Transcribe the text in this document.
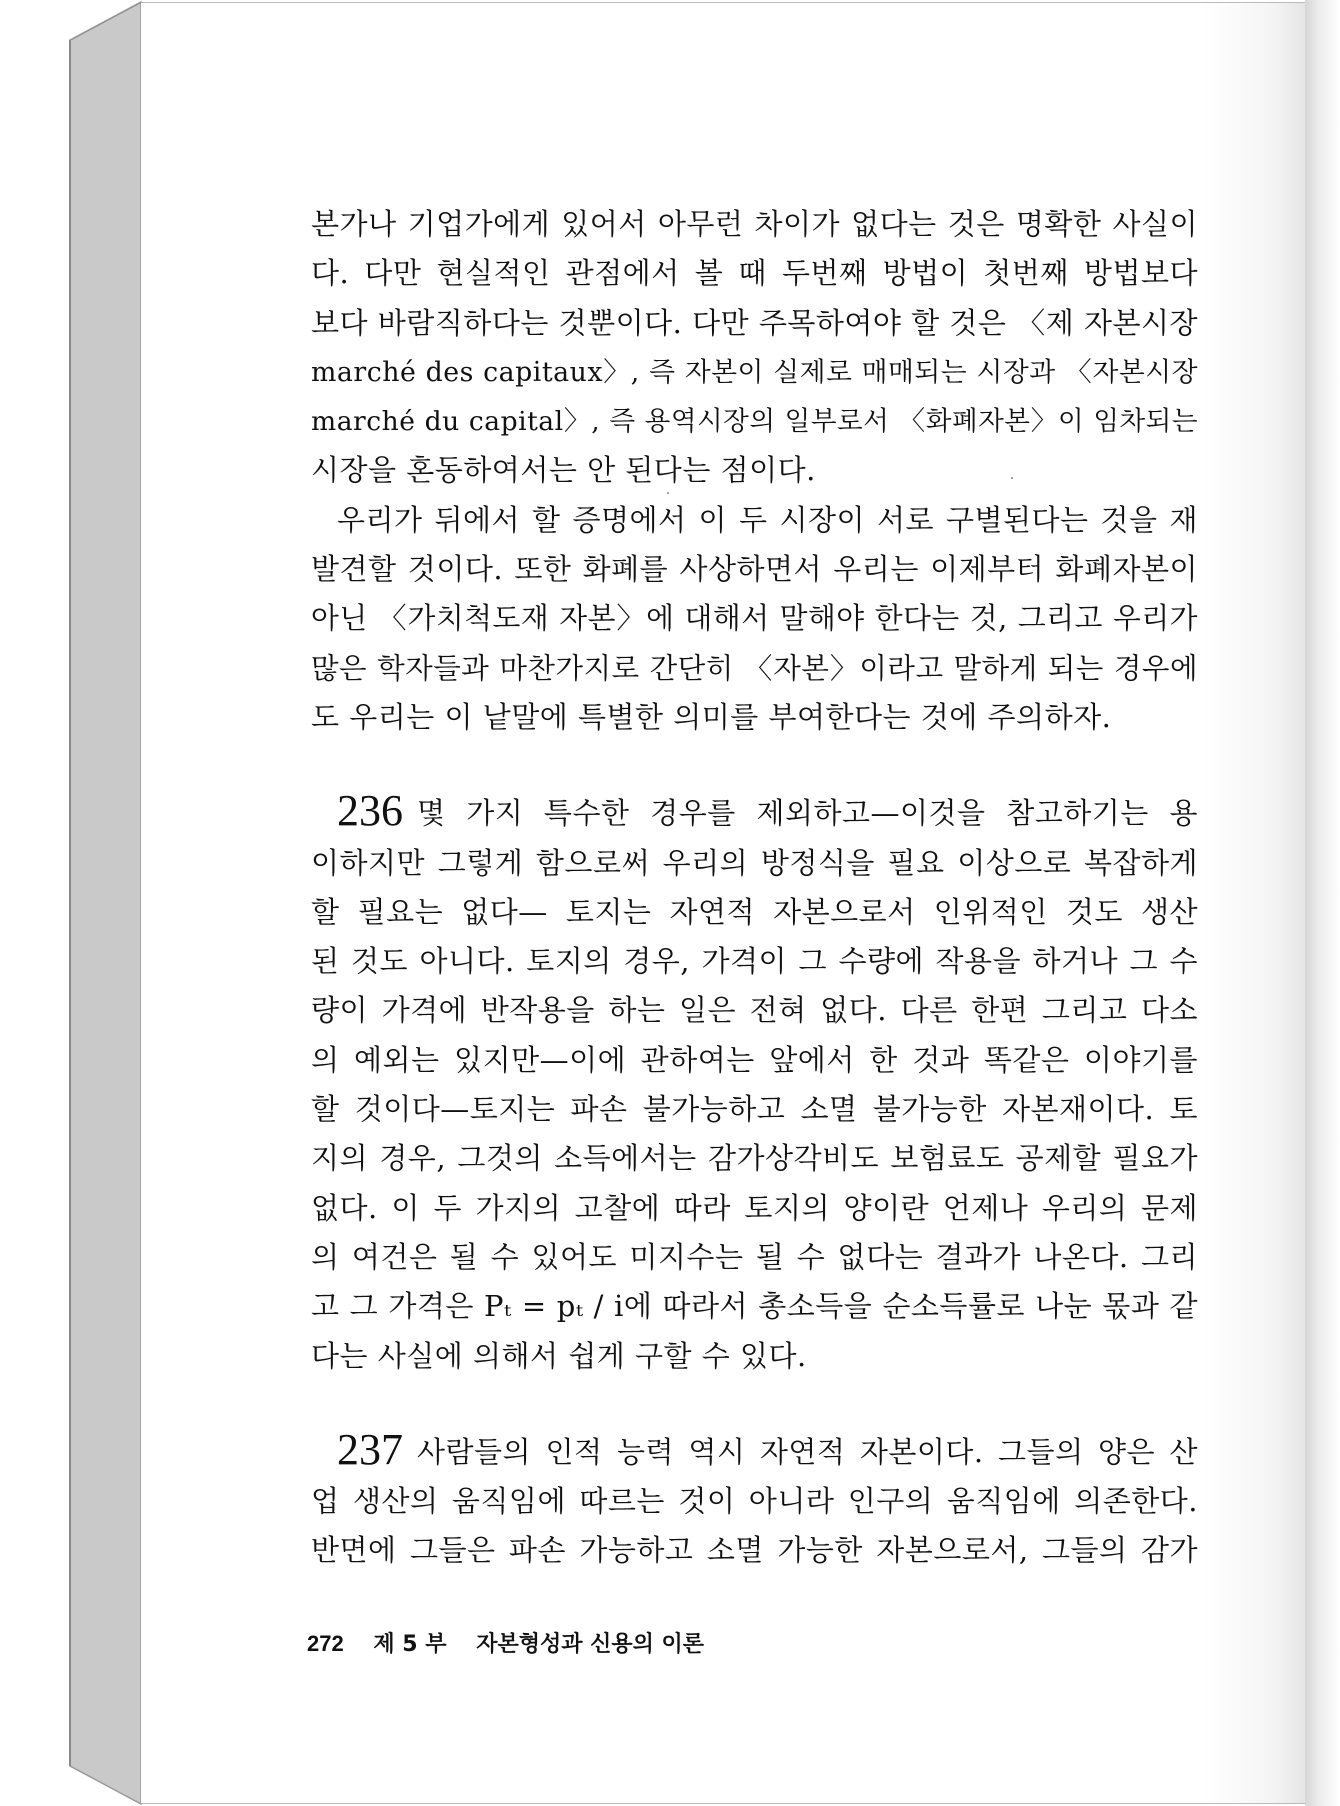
본가나 기업가에게 있어서 아무런 차이가 없다는 것은 명확한 사실이
다. 다만 현실적인 관점에서 볼 때 두번째 방법이 첫번째 방법보다
보다 바람직하다는 것뿐이다. 다만 주목하여야 할 것은 〈제 자본시장
marché des capitaux〉, 즉 자본이 실제로 매매되는 시장과 〈자본시장
marché du capital〉, 즉 용역시장의 일부로서 〈화폐자본〉이 임차되는
시장을 혼동하여서는 안 된다는 점이다.

우리가 뒤에서 할 증명에서 이 두 시장이 서로 구별된다는 것을 재
발견할 것이다. 또한 화폐를 사상하면서 우리는 이제부터 화폐자본이
아닌 〈가치척도재 자본〉에 대해서 말해야 한다는 것, 그리고 우리가
많은 학자들과 마찬가지로 간단히 〈자본〉이라고 말하게 되는 경우에
도 우리는 이 낱말에 특별한 의미를 부여한다는 것에 주의하자.

236 몇 가지 특수한 경우를 제외하고—이것을 참고하기는 용
이하지만 그렇게 함으로써 우리의 방정식을 필요 이상으로 복잡하게
할 필요는 없다— 토지는 자연적 자본으로서 인위적인 것도 생산
된 것도 아니다. 토지의 경우, 가격이 그 수량에 작용을 하거나 그 수
량이 가격에 반작용을 하는 일은 전혀 없다. 다른 한편 그리고 다소
의 예외는 있지만—이에 관하여는 앞에서 한 것과 똑같은 이야기를
할 것이다—토지는 파손 불가능하고 소멸 불가능한 자본재이다. 토
지의 경우, 그것의 소득에서는 감가상각비도 보험료도 공제할 필요가
없다. 이 두 가지의 고찰에 따라 토지의 양이란 언제나 우리의 문제
의 여건은 될 수 있어도 미지수는 될 수 없다는 결과가 나온다. 그리
고 그 가격은 Pₜ = pₜ / i에 따라서 총소득을 순소득률로 나눈 몫과 같
다는 사실에 의해서 쉽게 구할 수 있다.

237 사람들의 인적 능력 역시 자연적 자본이다. 그들의 양은 산
업 생산의 움직임에 따르는 것이 아니라 인구의 움직임에 의존한다.
반면에 그들은 파손 가능하고 소멸 가능한 자본으로서, 그들의 감가

272 제 5 부 자본형성과 신용의 이론
